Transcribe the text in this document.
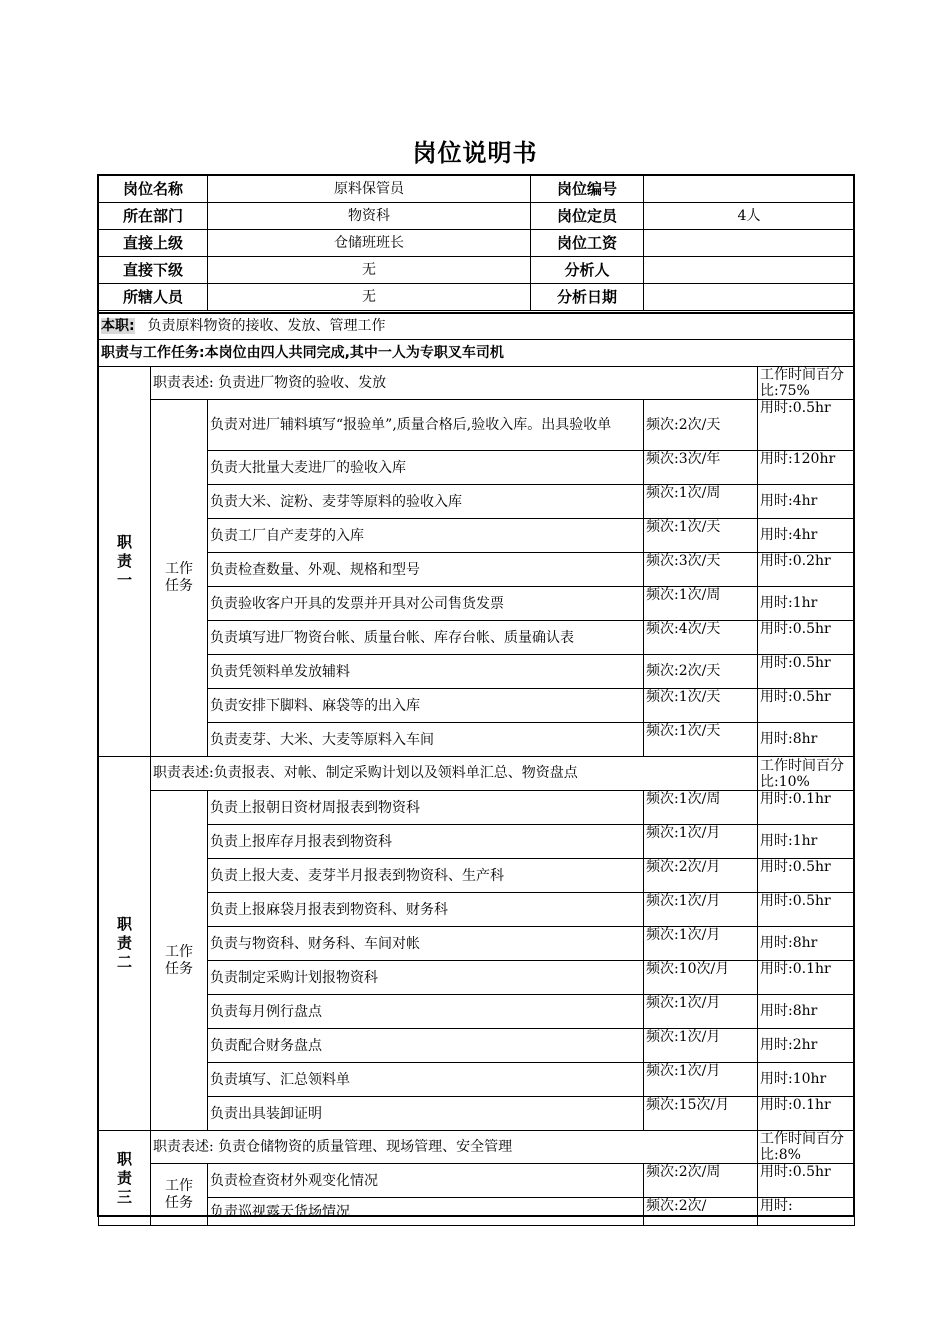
岗位说明书
岗位名称	原料保管员	岗位编号	
所在部门	物资科	岗位定员	4人
直接上级	仓储班班长	岗位工资	
直接下级	无	分析人	
所辖人员	无	分析日期	
本职: 负责原料物资的接收、发放、管理工作				
职责与工作任务:本岗位由四人共同完成,其中一人为专职叉车司机				
职责一	职责表述: 负责进厂物资的验收、发放			工作时间百分比:75%
	工作任务	负责对进厂辅料填写“报验单”,质量合格后,验收入库。出具验收单	频次:2次/天	用时:0.5hr
		负责大批量大麦进厂的验收入库	频次:3次/年	用时:120hr
		负责大米、淀粉、麦芽等原料的验收入库	频次:1次/周	用时:4hr
		负责工厂自产麦芽的入库	频次:1次/天	用时:4hr
		负责检查数量、外观、规格和型号	频次:3次/天	用时:0.2hr
		负责验收客户开具的发票并开具对公司售货发票	频次:1次/周	用时:1hr
		负责填写进厂物资台帐、质量台帐、库存台帐、质量确认表	频次:4次/天	用时:0.5hr
		负责凭领料单发放辅料	频次:2次/天	用时:0.5hr
		负责安排下脚料、麻袋等的出入库	频次:1次/天	用时:0.5hr
		负责麦芽、大米、大麦等原料入车间	频次:1次/天	用时:8hr
职责二	职责表述:负责报表、对帐、制定采购计划以及领料单汇总、物资盘点			工作时间百分比:10%
	工作任务	负责上报朝日资材周报表到物资科	频次:1次/周	用时:0.1hr
		负责上报库存月报表到物资科	频次:1次/月	用时:1hr
		负责上报大麦、麦芽半月报表到物资科、生产科	频次:2次/月	用时:0.5hr
		负责上报麻袋月报表到物资科、财务科	频次:1次/月	用时:0.5hr
		负责与物资科、财务科、车间对帐	频次:1次/月	用时:8hr
		负责制定采购计划报物资科	频次:10次/月	用时:0.1hr
		负责每月例行盘点	频次:1次/月	用时:8hr
		负责配合财务盘点	频次:1次/月	用时:2hr
		负责填写、汇总领料单	频次:1次/月	用时:10hr
		负责出具装卸证明	频次:15次/月	用时:0.1hr
职责三	职责表述: 负责仓储物资的质量管理、现场管理、安全管理			工作时间百分比:8%
	工作任务	负责检查资材外观变化情况	频次:2次/周	用时:0.5hr
		负责巡视露天货场情况	频次:2次/	用时:
